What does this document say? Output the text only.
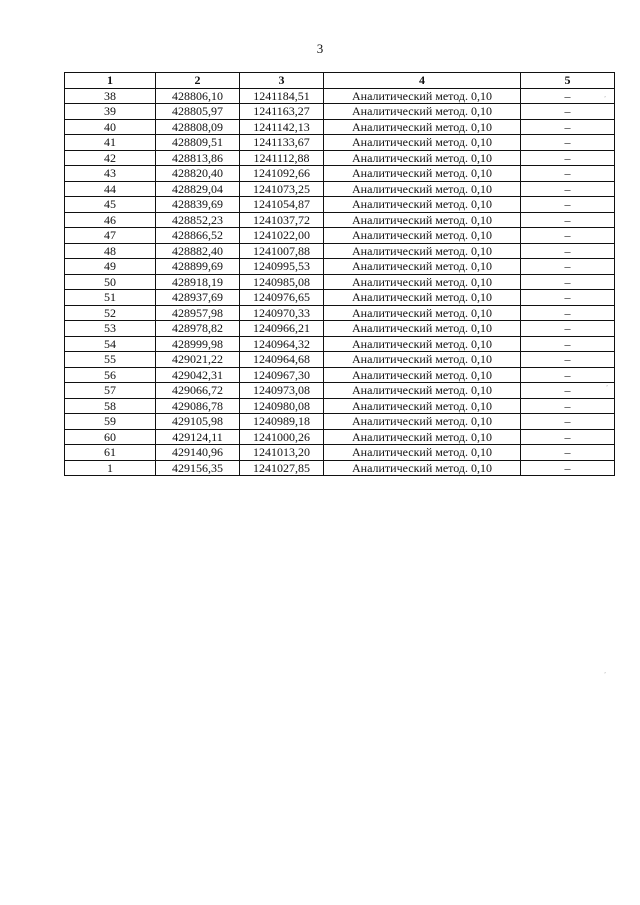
3
1	2	3	4	5
38	428806,10	1241184,51	Аналитический метод. 0,10	–
39	428805,97	1241163,27	Аналитический метод. 0,10	–
40	428808,09	1241142,13	Аналитический метод. 0,10	–
41	428809,51	1241133,67	Аналитический метод. 0,10	–
42	428813,86	1241112,88	Аналитический метод. 0,10	–
43	428820,40	1241092,66	Аналитический метод. 0,10	–
44	428829,04	1241073,25	Аналитический метод. 0,10	–
45	428839,69	1241054,87	Аналитический метод. 0,10	–
46	428852,23	1241037,72	Аналитический метод. 0,10	–
47	428866,52	1241022,00	Аналитический метод. 0,10	–
48	428882,40	1241007,88	Аналитический метод. 0,10	–
49	428899,69	1240995,53	Аналитический метод. 0,10	–
50	428918,19	1240985,08	Аналитический метод. 0,10	–
51	428937,69	1240976,65	Аналитический метод. 0,10	–
52	428957,98	1240970,33	Аналитический метод. 0,10	–
53	428978,82	1240966,21	Аналитический метод. 0,10	–
54	428999,98	1240964,32	Аналитический метод. 0,10	–
55	429021,22	1240964,68	Аналитический метод. 0,10	–
56	429042,31	1240967,30	Аналитический метод. 0,10	–
57	429066,72	1240973,08	Аналитический метод. 0,10	–
58	429086,78	1240980,08	Аналитический метод. 0,10	–
59	429105,98	1240989,18	Аналитический метод. 0,10	–
60	429124,11	1241000,26	Аналитический метод. 0,10	–
61	429140,96	1241013,20	Аналитический метод. 0,10	–
1	429156,35	1241027,85	Аналитический метод. 0,10	–
ʼ
ʼ
ʼ
